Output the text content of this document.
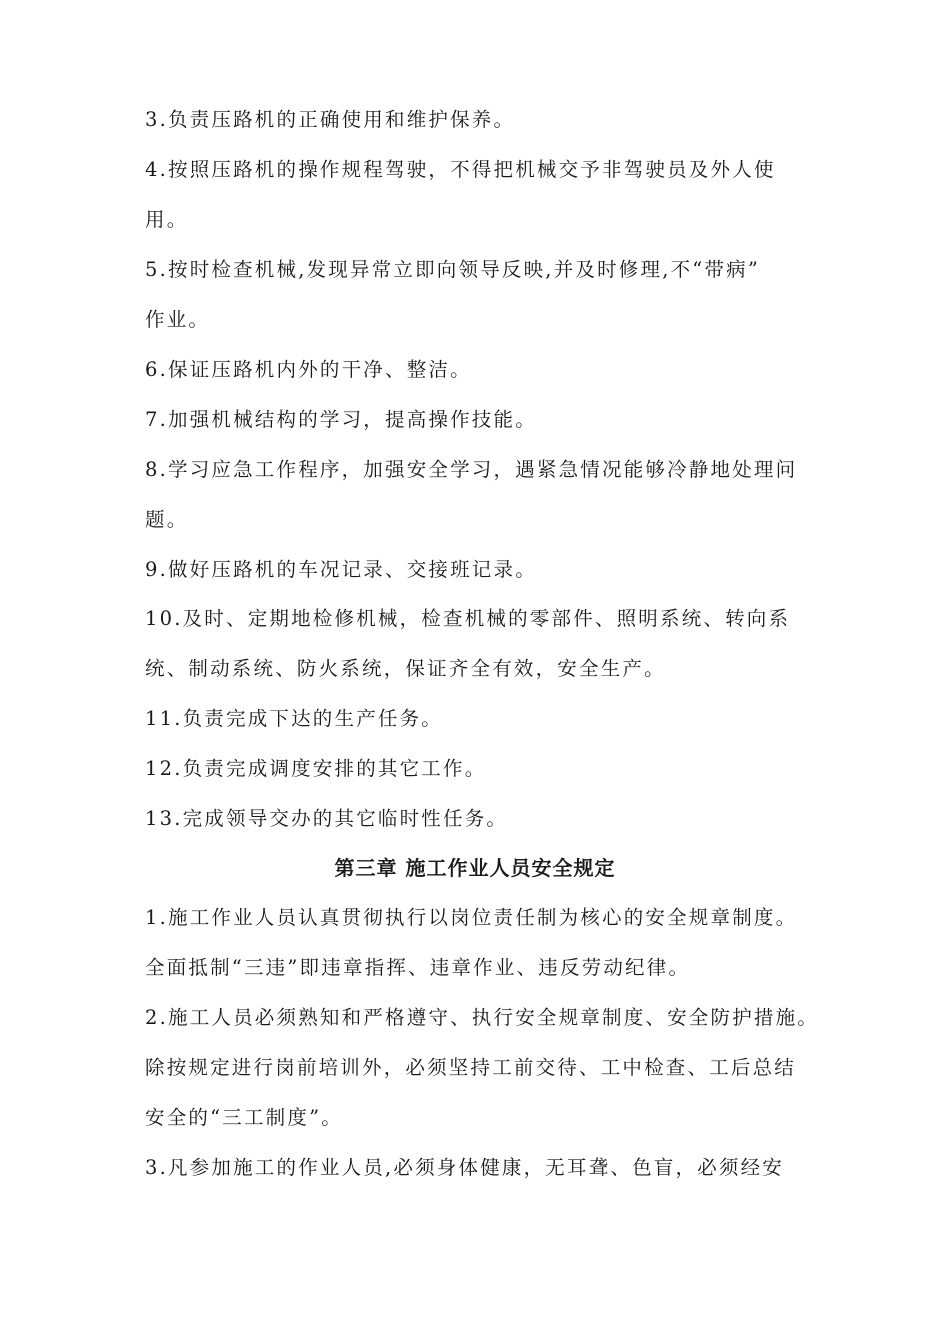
3.负责压路机的正确使用和维护保养。
4.按照压路机的操作规程驾驶，不得把机械交予非驾驶员及外人使
用。
5.按时检查机械,发现异常立即向领导反映,并及时修理,不“带病”
作业。
6.保证压路机内外的干净、整洁。
7.加强机械结构的学习，提高操作技能。
8.学习应急工作程序，加强安全学习，遇紧急情况能够冷静地处理问
题。
9.做好压路机的车况记录、交接班记录。
10.及时、定期地检修机械，检查机械的零部件、照明系统、转向系
统、制动系统、防火系统，保证齐全有效，安全生产。
11.负责完成下达的生产任务。
12.负责完成调度安排的其它工作。
13.完成领导交办的其它临时性任务。
第三章 施工作业人员安全规定
1.施工作业人员认真贯彻执行以岗位责任制为核心的安全规章制度。
全面抵制“三违”即违章指挥、违章作业、违反劳动纪律。
2.施工人员必须熟知和严格遵守、执行安全规章制度、安全防护措施。
除按规定进行岗前培训外，必须坚持工前交待、工中检查、工后总结
安全的“三工制度”。
3.凡参加施工的作业人员,必须身体健康，无耳聋、色盲，必须经安
